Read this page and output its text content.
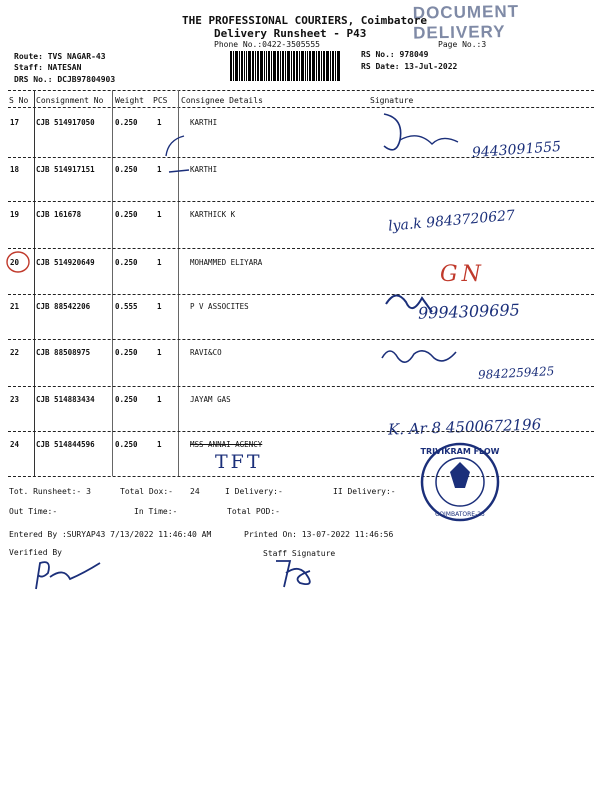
DOCUMENT DELIVERY
THE PROFESSIONAL COURIERS, Coimbatore
Delivery Runsheet - P43
Phone No.:0422-3505555	Page No.:3
Route: TVS NAGAR-43
Staff: NATESAN
DRS No.: DCJB97804903
RS No.: 978049
RS Date: 13-Jul-2022
S No Consignment No Weight PCS Consignee Details	Signature
17 CJB 514917050	0.250	1	KARTHI
9443091555
18 CJB 514917151	0.250	1	KARTHI
19 CJB 161678	0.250	1	KARTHICK K	lya.k 9843720627
20 CJB 514920649	0.250	1	MOHAMMED ELIYARA	GN
21 CJB 88542206	0.555	1	P V ASSOCITES	9994309695
22 CJB 88508975	0.250	1	RAVI&CO
9842259425
23 CJB 514883434	0.250	1	JAYAM GAS
K. Ar 8 4500672196
24 CJB 514844596	0.250	1	MSS ANNAI AGENCY
TFT	TRIVIKRAM FLOW
COIMBATORE-25
Tot. Runsheet:- 3	Total Dox:- 24	I Delivery:-	II Delivery:-
Out Time:-	In Time:-	Total POD:-
Entered By :SURYAP43 7/13/2022 11:46:40 AM	Printed On: 13-07-2022 11:46:56
Verified By	Staff Signature
